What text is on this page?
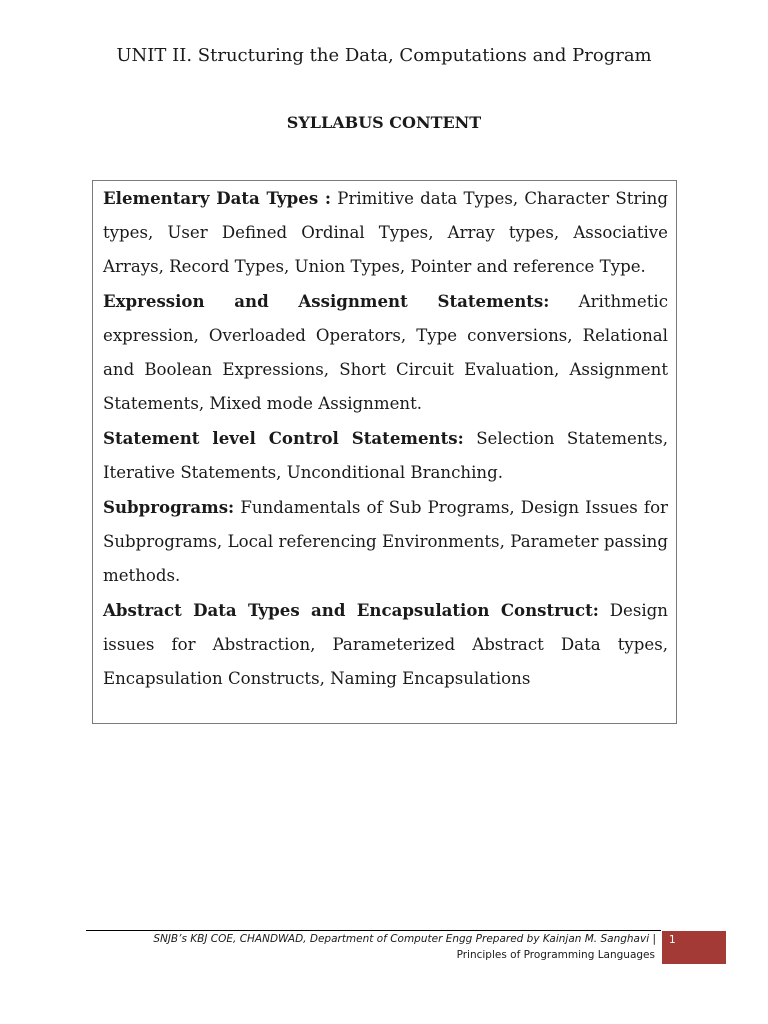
UNIT II. Structuring the Data, Computations and Program
SYLLABUS CONTENT

Elementary Data Types : Primitive data Types, Character String types, User Defined Ordinal Types, Array types, Associative Arrays, Record Types, Union Types, Pointer and reference Type.

Expression and Assignment Statements: Arithmetic expression, Overloaded Operators, Type conversions, Relational and Boolean Expressions, Short Circuit Evaluation, Assignment Statements, Mixed mode Assignment.

Statement level Control Statements: Selection Statements, Iterative Statements, Unconditional Branching.

Subprograms: Fundamentals of Sub Programs, Design Issues for Subprograms, Local referencing Environments, Parameter passing methods.

Abstract Data Types and Encapsulation Construct: Design issues for Abstraction, Parameterized Abstract Data types, Encapsulation Constructs, Naming Encapsulations

SNJB’s KBJ COE, CHANDWAD, Department of Computer Engg Prepared by Kainjan M. Sanghavi |
Principles of Programming Languages
1
